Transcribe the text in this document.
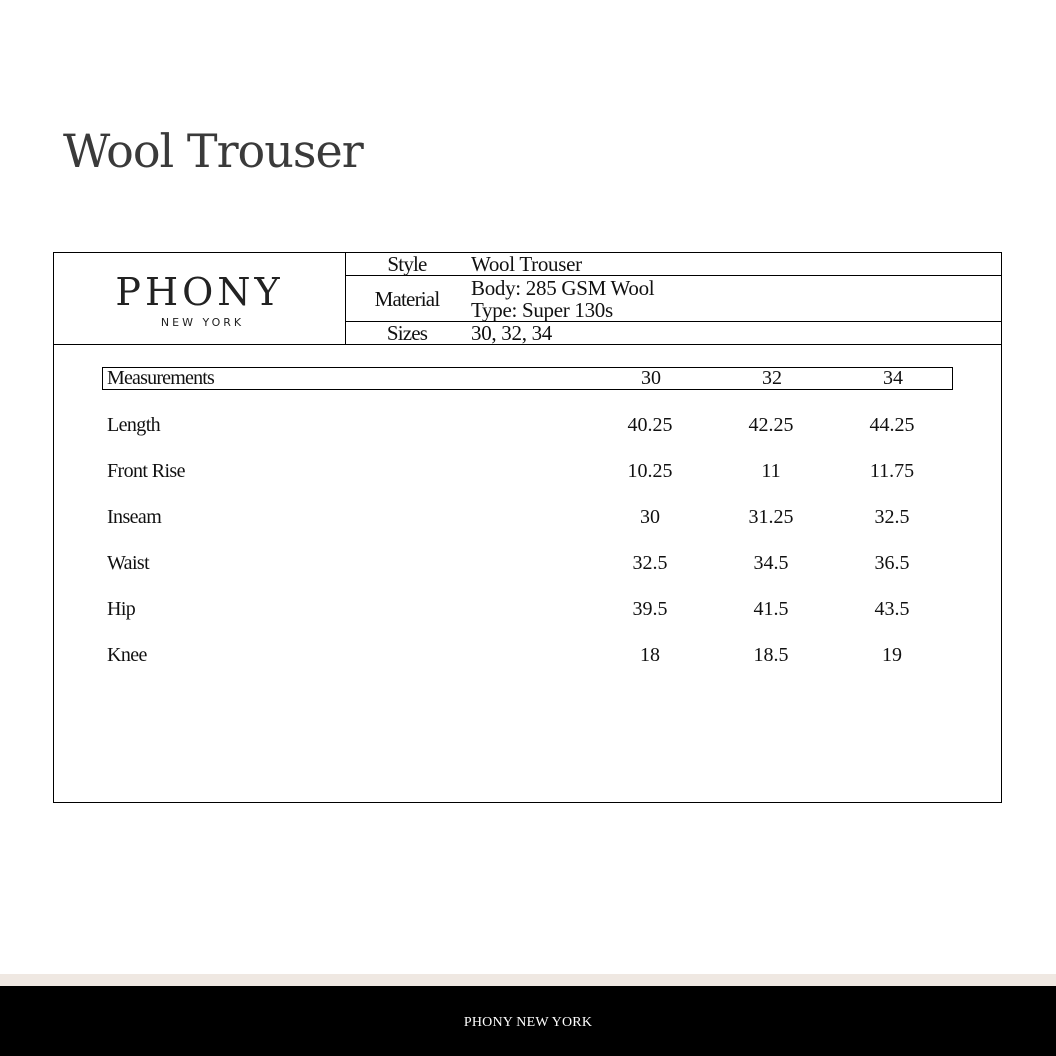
Wool Trouser
PHONY
NEW YORK
Style	Wool Trouser
Material	Body: 285 GSM Wool
Type: Super 130s
Sizes	30, 32, 34
Measurements	30	32	34
Length	40.25	42.25	44.25
Front Rise	10.25	11	11.75
Inseam	30	31.25	32.5
Waist	32.5	34.5	36.5
Hip	39.5	41.5	43.5
Knee	18	18.5	19
PHONY NEW YORK
